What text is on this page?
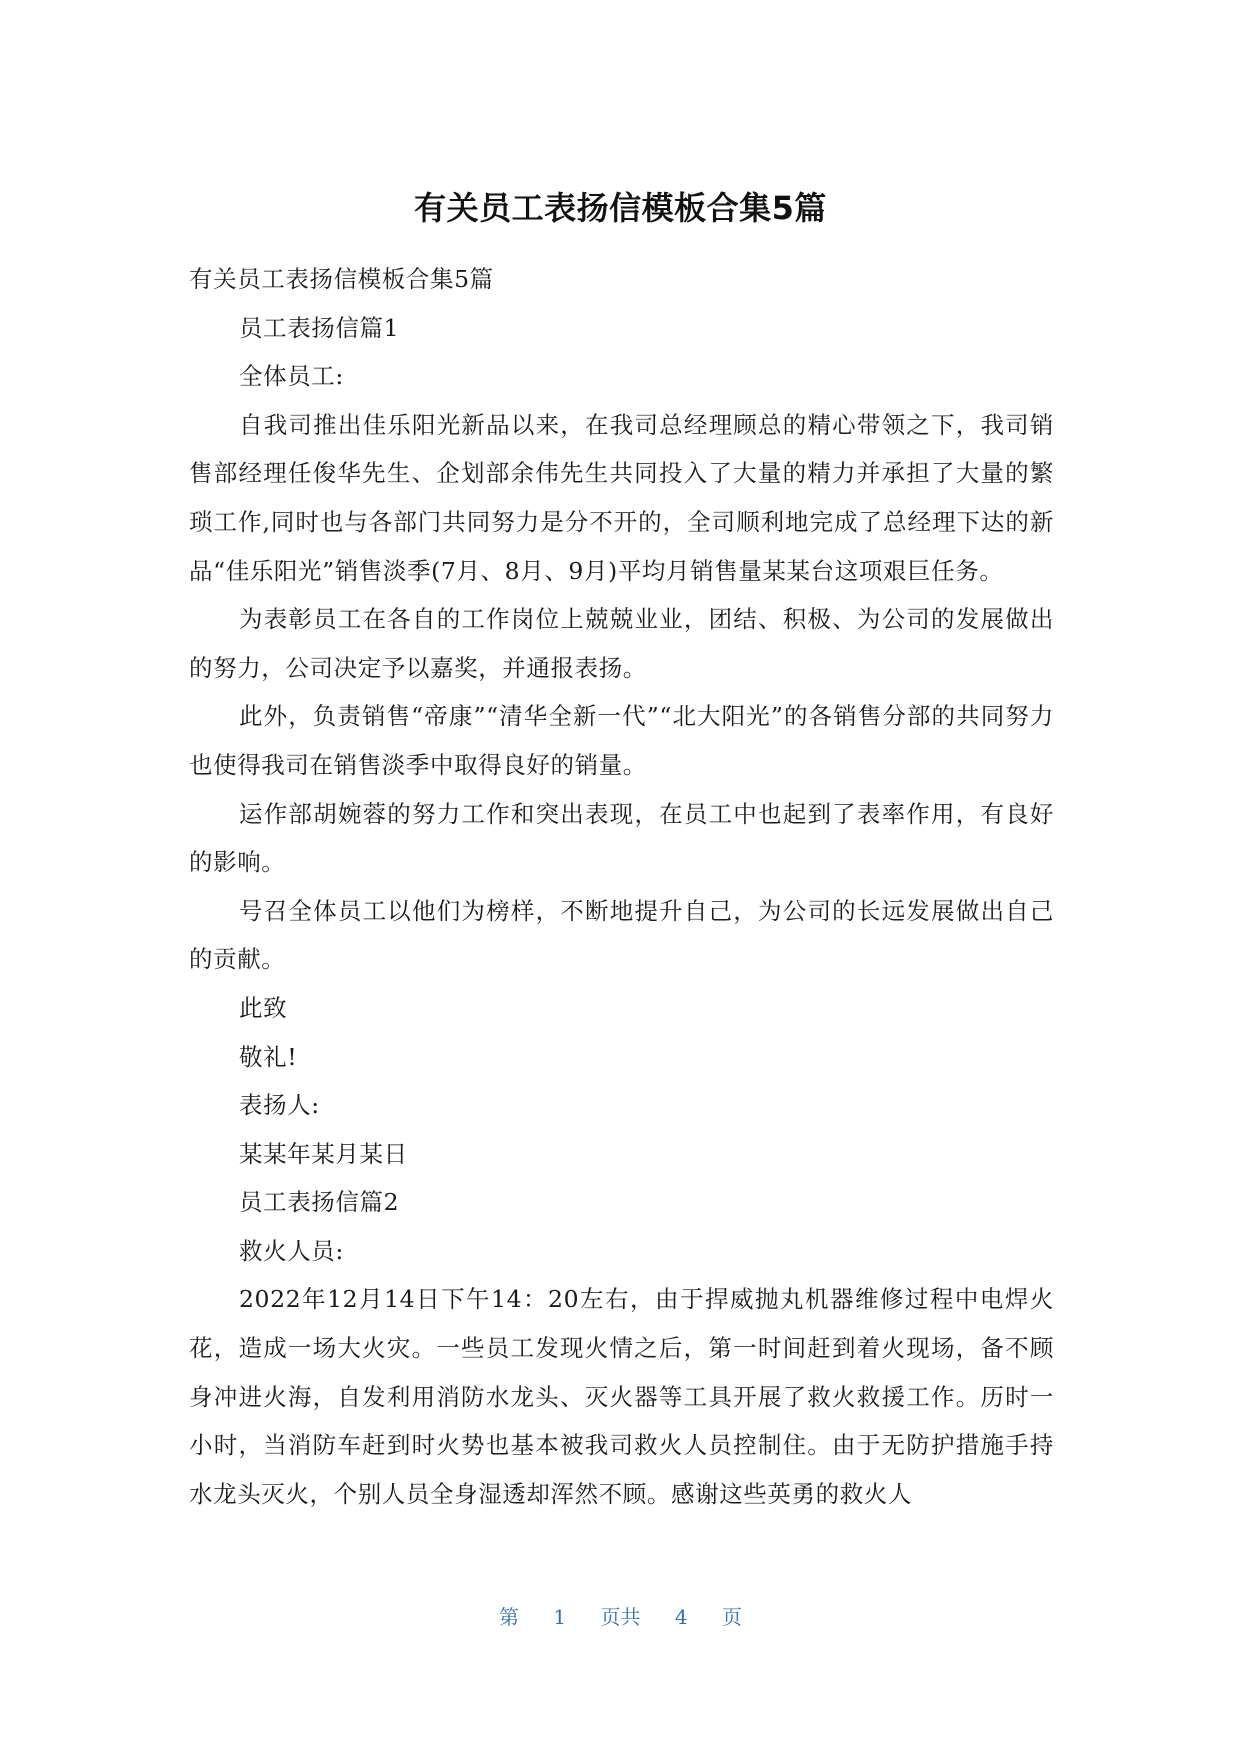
有关员工表扬信模板合集5篇

有关员工表扬信模板合集5篇

员工表扬信篇1

全体员工:

自我司推出佳乐阳光新品以来，在我司总经理顾总的精心带领之下，我司销售部经理任俊华先生、企划部余伟先生共同投入了大量的精力并承担了大量的繁琐工作,同时也与各部门共同努力是分不开的，全司顺利地完成了总经理下达的新品“佳乐阳光”销售淡季(7月、8月、9月)平均月销售量某某台这项艰巨任务。

为表彰员工在各自的工作岗位上兢兢业业，团结、积极、为公司的发展做出的努力，公司决定予以嘉奖，并通报表扬。

此外，负责销售“帝康”“清华全新一代”“北大阳光”的各销售分部的共同努力也使得我司在销售淡季中取得良好的销量。

运作部胡婉蓉的努力工作和突出表现，在员工中也起到了表率作用，有良好的影响。

号召全体员工以他们为榜样，不断地提升自己，为公司的长远发展做出自己的贡献。

此致

敬礼!

表扬人:

某某年某月某日

员工表扬信篇2

救火人员:

2022年12月14日下午14：20左右，由于捍威抛丸机器维修过程中电焊火花，造成一场大火灾。一些员工发现火情之后，第一时间赶到着火现场，备不顾身冲进火海，自发利用消防水龙头、灭火器等工具开展了救火救援工作。历时一小时，当消防车赶到时火势也基本被我司救火人员控制住。由于无防护措施手持水龙头灭火，个别人员全身湿透却浑然不顾。感谢这些英勇的救火人

第 1 页共 4 页
